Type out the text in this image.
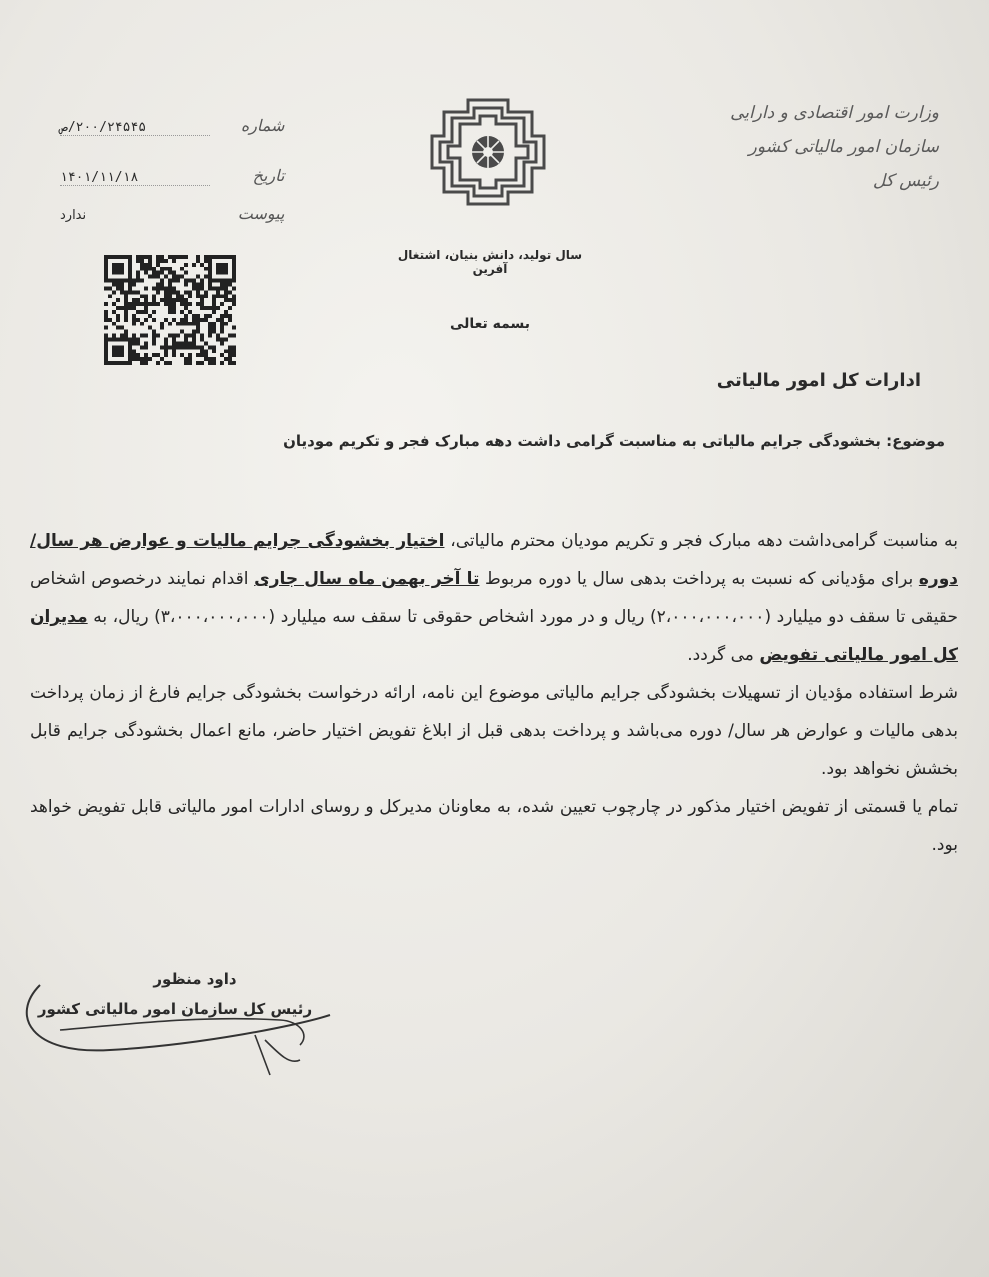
وزارت امور اقتصادی و دارایی
سازمان امور مالیاتی کشور
رئیس کل
شماره ۲۰۰/۲۴۵۴۵/ص
تاریخ ۱۴۰۱/۱۱/۱۸
پیوست ندارد
سال تولید، دانش بنیان، اشتغال آفرین
بسمه تعالی
ادارات کل امور مالیاتی
موضوع: بخشودگی جرایم مالیاتی به مناسبت گرامی داشت دهه مبارک فجر و تکریم مودیان

به مناسبت گرامی‌داشت دهه مبارک فجر و تکریم مودیان محترم مالیاتی، اختیار بخشودگی جرایم مالیات و عوارض هر سال/ دوره برای مؤدیانی که نسبت به پرداخت بدهی سال یا دوره مربوط تا آخر بهمن ماه سال جاری اقدام نمایند درخصوص اشخاص حقیقی تا سقف دو میلیارد (۲،۰۰۰،۰۰۰،۰۰۰) ریال و در مورد اشخاص حقوقی تا سقف سه میلیارد (۳،۰۰۰،۰۰۰،۰۰۰) ریال، به مدیران کل امور مالیاتی تفویض می گردد.

شرط استفاده مؤدیان از تسهیلات بخشودگی جرایم مالیاتی موضوع این نامه، ارائه درخواست بخشودگی جرایم فارغ از زمان پرداخت بدهی مالیات و عوارض هر سال/ دوره می‌باشد و پرداخت بدهی قبل از ابلاغ تفویض اختیار حاضر، مانع اعمال بخشودگی جرایم قابل بخشش نخواهد بود.

تمام یا قسمتی از تفویض اختیار مذکور در چارچوب تعیین شده، به معاونان مدیرکل و روسای ادارات امور مالیاتی قابل تفویض خواهد بود.

داود منظور
رئیس کل سازمان امور مالیاتی کشور
